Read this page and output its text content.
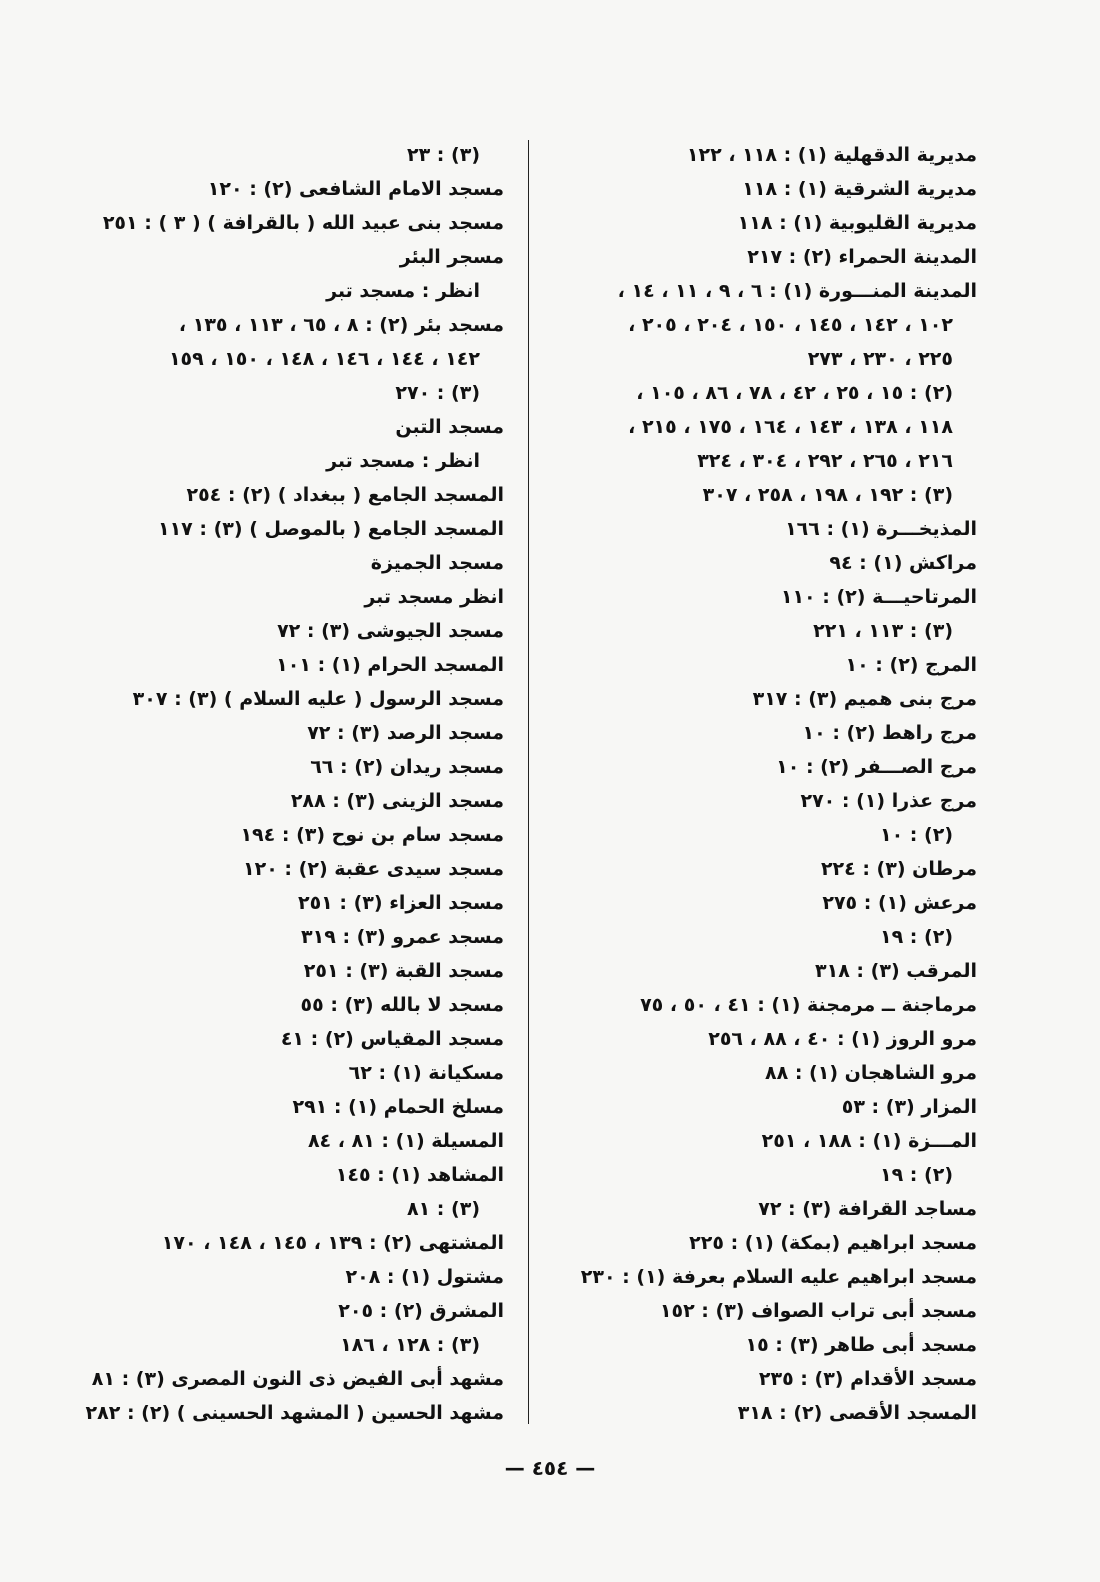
مديرية الدقهلية (١) : ١١٨ ، ١٢٢
مديرية الشرقية (١) : ١١٨
مديرية القليوبية (١) : ١١٨
المدينة الحمراء (٢) : ٢١٧
المدينة المنـــورة (١) : ٦ ، ٩ ، ١١ ، ١٤ ،
١٠٢ ، ١٤٢ ، ١٤٥ ، ١٥٠ ، ٢٠٤ ، ٢٠٥ ،
٢٢٥ ، ٢٣٠ ، ٢٧٣
(٢) : ١٥ ، ٢٥ ، ٤٢ ، ٧٨ ، ٨٦ ، ١٠٥ ،
١١٨ ، ١٣٨ ، ١٤٣ ، ١٦٤ ، ١٧٥ ، ٢١٥ ،
٢١٦ ، ٢٦٥ ، ٢٩٢ ، ٣٠٤ ، ٣٢٤
(٣) : ١٩٢ ، ١٩٨ ، ٢٥٨ ، ٣٠٧
المذيخـــرة (١) : ١٦٦
مراكش (١) : ٩٤
المرتاحيـــة (٢) : ١١٠
(٣) : ١١٣ ، ٢٢١
المرج (٢) : ١٠
مرج بنى هميم (٣) : ٣١٧
مرج راهط (٢) : ١٠
مرج الصـــفر (٢) : ١٠
مرج عذرا (١) : ٢٧٠
(٢) : ١٠
مرطان (٣) : ٢٢٤
مرعش (١) : ٢٧٥
(٢) : ١٩
المرقب (٣) : ٣١٨
مرماجنة ــ مرمجنة (١) : ٤١ ، ٥٠ ، ٧٥
مرو الروز (١) : ٤٠ ، ٨٨ ، ٢٥٦
مرو الشاهجان (١) : ٨٨
المزار (٣) : ٥٣
المـــزة (١) : ١٨٨ ، ٢٥١
(٢) : ١٩
مساجد القرافة (٣) : ٧٢
مسجد ابراهيم (بمكة) (١) : ٢٢٥
مسجد ابراهيم عليه السلام بعرفة (١) : ٢٣٠
مسجد أبى تراب الصواف (٣) : ١٥٢
مسجد أبى طاهر (٣) : ١٥
مسجد الأقدام (٣) : ٢٣٥
المسجد الأقصى (٢) : ٣١٨
(٣) : ٢٣
مسجد الامام الشافعى (٢) : ١٢٠
مسجد بنى عبيد الله ( بالقرافة ) ( ٣ ) : ٢٥١
مسجر البئر
انظر : مسجد تبر
مسجد بئر (٢) : ٨ ، ٦٥ ، ١١٣ ، ١٣٥ ،
١٤٢ ، ١٤٤ ، ١٤٦ ، ١٤٨ ، ١٥٠ ، ١٥٩
(٣) : ٢٧٠
مسجد التبن
انظر : مسجد تبر
المسجد الجامع ( ببغداد ) (٢) : ٢٥٤
المسجد الجامع ( بالموصل ) (٣) : ١١٧
مسجد الجميزة
انظر مسجد تبر
مسجد الجيوشى (٣) : ٧٢
المسجد الحرام (١) : ١٠١
مسجد الرسول ( عليه السلام ) (٣) : ٣٠٧
مسجد الرصد (٣) : ٧٢
مسجد ريدان (٢) : ٦٦
مسجد الزينى (٣) : ٢٨٨
مسجد سام بن نوح (٣) : ١٩٤
مسجد سيدى عقبة (٢) : ١٢٠
مسجد العزاء (٣) : ٢٥١
مسجد عمرو (٣) : ٣١٩
مسجد القبة (٣) : ٢٥١
مسجد لا بالله (٣) : ٥٥
مسجد المقياس (٢) : ٤١
مسكيانة (١) : ٦٢
مسلخ الحمام (١) : ٢٩١
المسيلة (١) : ٨١ ، ٨٤
المشاهد (١) : ١٤٥
(٣) : ٨١
المشتهى (٢) : ١٣٩ ، ١٤٥ ، ١٤٨ ، ١٧٠
مشتول (١) : ٢٠٨
المشرق (٢) : ٢٠٥
(٣) : ١٢٨ ، ١٨٦
مشهد أبى الفيض ذى النون المصرى (٣) : ٨١
مشهد الحسين ( المشهد الحسينى ) (٢) : ٢٨٢
— ٤٥٤ —
